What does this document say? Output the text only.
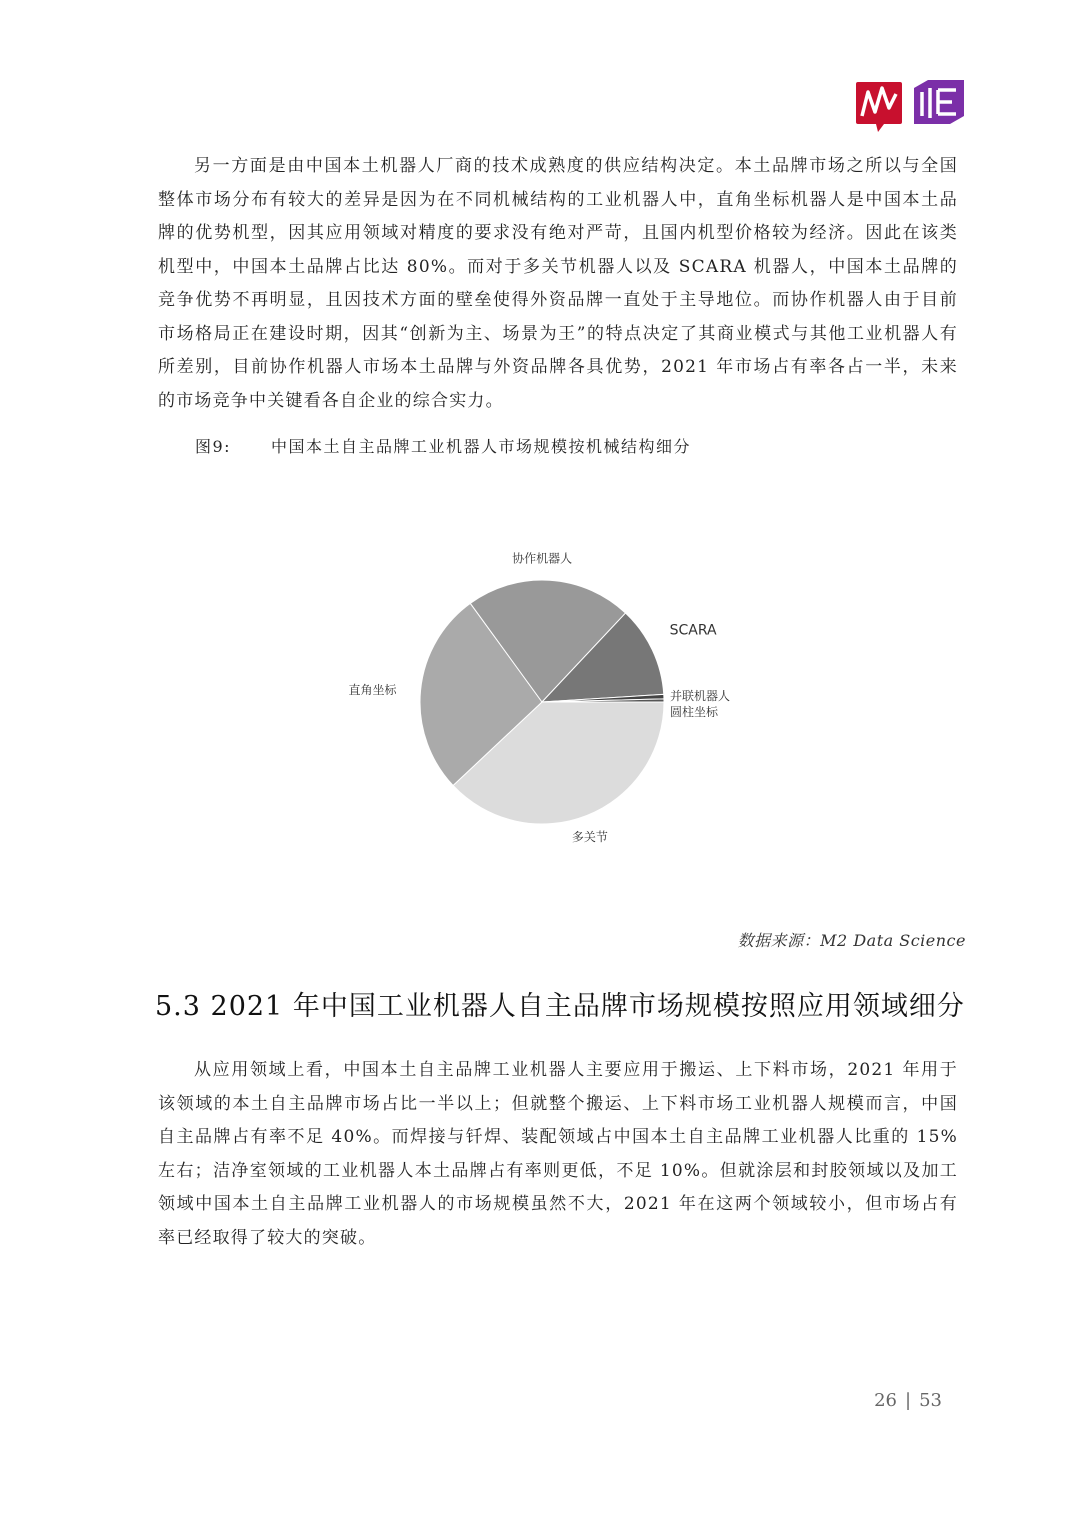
另一方面是由中国本土机器人厂商的技术成熟度的供应结构决定。本土品牌市场之所以与全国整体市场分布有较大的差异是因为在不同机械结构的工业机器人中，直角坐标机器人是中国本土品牌的优势机型，因其应用领域对精度的要求没有绝对严苛，且国内机型价格较为经济。因此在该类机型中，中国本土品牌占比达 80%。而对于多关节机器人以及 SCARA 机器人，中国本土品牌的竞争优势不再明显，且因技术方面的壁垒使得外资品牌一直处于主导地位。而协作机器人由于目前市场格局正在建设时期，因其“创新为主、场景为王”的特点决定了其商业模式与其他工业机器人有所差别，目前协作机器人市场本土品牌与外资品牌各具优势，2021 年市场占有率各占一半，未来的市场竞争中关键看各自企业的综合实力。

图9: 中国本土自主品牌工业机器人市场规模按机械结构细分
多关节
直角坐标
协作机器人
SCARA
并联机器人
圆柱坐标
数据来源：M2 Data Science
5.3 2021 年中国工业机器人自主品牌市场规模按照应用领域细分

从应用领域上看，中国本土自主品牌工业机器人主要应用于搬运、上下料市场，2021 年用于该领域的本土自主品牌市场占比一半以上；但就整个搬运、上下料市场工业机器人规模而言，中国自主品牌占有率不足 40%。而焊接与钎焊、装配领域占中国本土自主品牌工业机器人比重的 15%左右；洁净室领域的工业机器人本土品牌占有率则更低，不足 10%。但就涂层和封胶领域以及加工领域中国本土自主品牌工业机器人的市场规模虽然不大，2021 年在这两个领域较小，但市场占有率已经取得了较大的突破。

26 | 53
